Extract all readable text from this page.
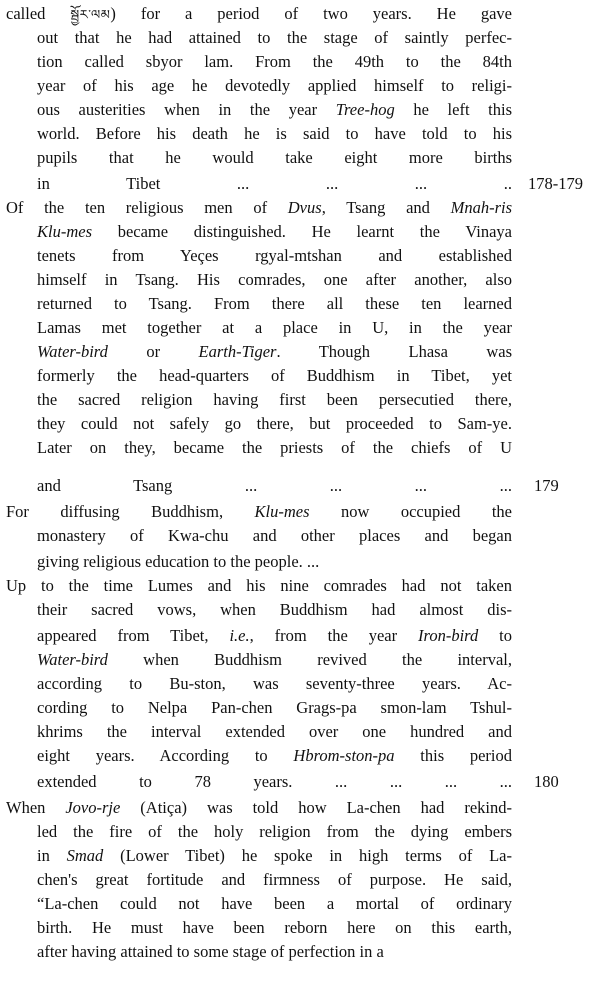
called སྦྱོར་ལམ) for a period of two years. He gave
out that he had attained to the stage of saintly perfec-
tion called sbyor lam. From the 49th to the 84th
year of his age he devotedly applied himself to religi-
ous austerities when in the year Tree-hog he left this
world. Before his death he is said to have told to his
pupils that he would take eight more births
in Tibet ... ... ... .. 178-179
Of the ten religious men of Dvus, Tsang and Mnah-ris
Klu-mes became distinguished. He learnt the Vinaya
tenets from Yeçes rgyal-mtshan and established
himself in Tsang. His comrades, one after another, also
returned to Tsang. From there all these ten learned
Lamas met together at a place in U, in the year
Water-bird or Earth-Tiger. Though Lhasa was
formerly the head-quarters of Buddhism in Tibet, yet
the sacred religion having first been persecutied there,
they could not safely go there, but proceeded to Sam-ye.
Later on they, became the priests of the chiefs of U
and Tsang ... ... ... ... 179
For diffusing Buddhism, Klu-mes now occupied the
monastery of Kwa-chu and other places and began
giving religious education to the people. ...
Up to the time Lumes and his nine comrades had not taken
their sacred vows, when Buddhism had almost dis-
appeared from Tibet, i.e., from the year Iron-bird to
Water-bird when Buddhism revived the interval,
according to Bu-ston, was seventy-three years. Ac-
cording to Nelpa Pan-chen Grags-pa smon-lam Tshul-
khrims the interval extended over one hundred and
eight years. According to Hbrom-ston-pa this period
extended to 78 years. ... ... ... ... 180
When Jovo-rje (Atiça) was told how La-chen had rekind-
led the fire of the holy religion from the dying embers
in Smad (Lower Tibet) he spoke in high terms of La-
chen's great fortitude and firmness of purpose. He said,
“La-chen could not have been a mortal of ordinary
birth. He must have been reborn here on this earth,
after having attained to some stage of perfection in a
